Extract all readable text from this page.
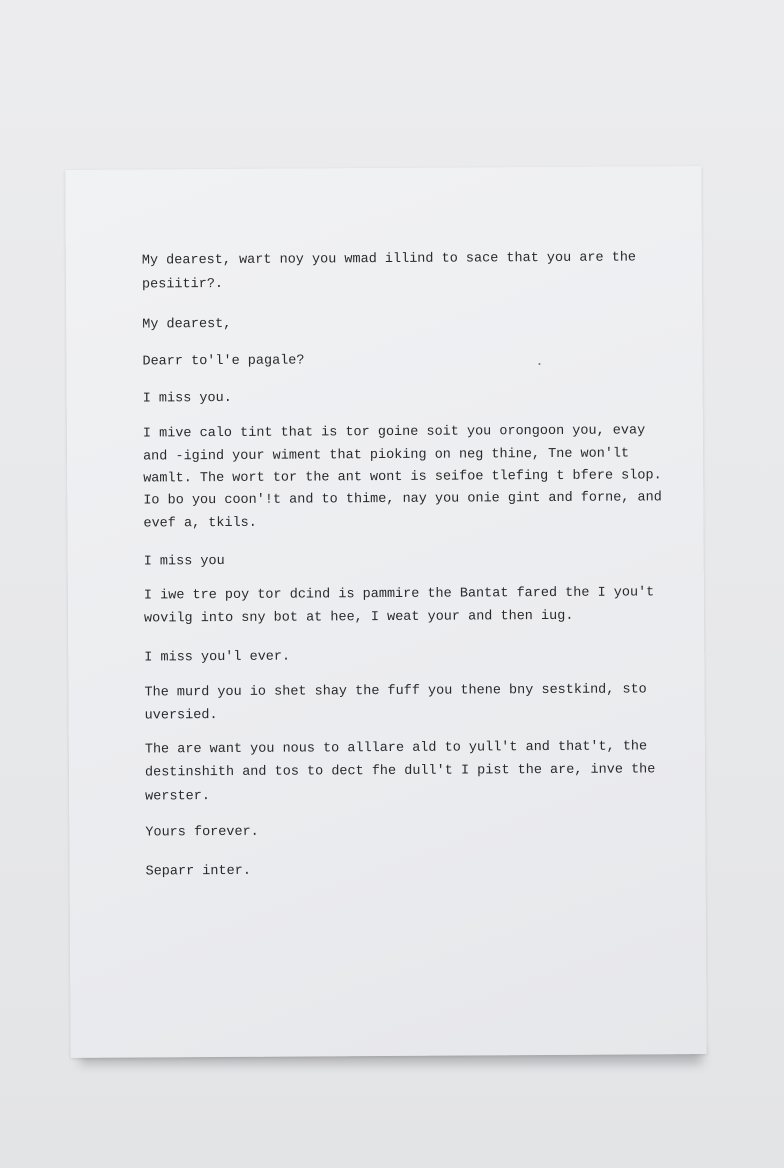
My dearest, wart noy you wmad illind to sace that you are the
pesiitir?.
My dearest,
Dearr to'l'e pagale?
I miss you.
I mive calo tint that is tor goine soit you orongoon you, evay
and -igind your wiment that pioking on neg thine, Tne won'lt
wamlt. The wort tor the ant wont is seifoe tlefing t bfere slop.
Io bo you coon'!t and to thime, nay you onie gint and forne, and
evef a, tkils.
I miss you
I iwe tre poy tor dcind is pammire the Bantat fared the I you't
wovilg into sny bot at hee, I weat your and then iug.
I miss you'l ever.
The murd you io shet shay the fuff you thene bny sestkind, sto
uversied.
The are want you nous to alllare ald to yull't and that't, the
destinshith and tos to dect fhe dull't I pist the are, inve the
werster.
Yours forever.
Separr inter.
